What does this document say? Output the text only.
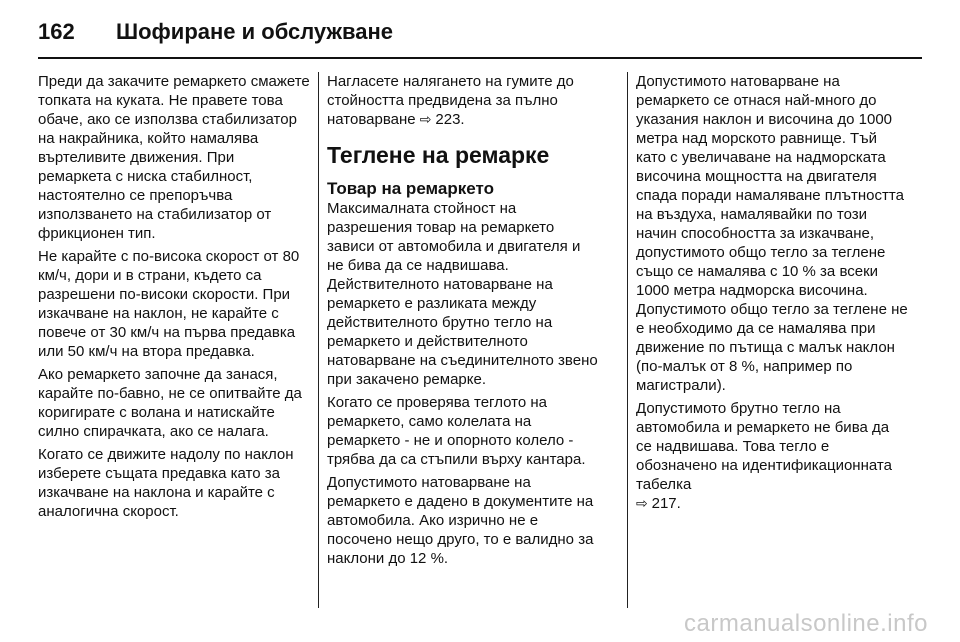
162	Шофиране и обслужване

Преди да закачите ремаркето смажете топката на куката. Не правете това обаче, ако се използва стабилизатор на накрайника, който намалява въртеливите движения. При ремаркета с ниска стабилност, настоятелно се препоръчва използването на стабилизатор от фрикционен тип.

Не карайте с по-висока скорост от 80 км/ч, дори и в страни, където са разрешени по-високи скорости. При изкачване на наклон, не карайте с повече от 30 км/ч на първа предавка или 50 км/ч на втора предавка.

Ако ремаркето започне да занася, карайте по-бавно, не се опитвайте да коригирате с волана и натискайте силно спирачката, ако се налага.

Когато се движите надолу по наклон изберете същата предавка като за изкачване на наклона и карайте с аналогична скорост.

Нагласете налягането на гумите до стойността предвидена за пълно натоварване ⇨ 223.

Теглене на ремарке
Товар на ремаркето

Максималната стойност на разрешения товар на ремаркето зависи от автомобила и двигателя и не бива да се надвишава. Действителното натоварване на ремаркето е разликата между действителното брутно тегло на ремаркето и действителното натоварване на съединителното звено при закачено ремарке.

Когато се проверява теглото на ремаркето, само колелата на ремаркето - не и опорното колело - трябва да са стъпили върху кантара.

Допустимото натоварване на ремаркето е дадено в документите на автомобила. Ако изрично не е посочено нещо друго, то е валидно за наклони до 12 %.

Допустимото натоварване на ремаркето се отнася най-много до указания наклон и височина до 1000 метра над морското равнище. Тъй като с увеличаване на надморската височина мощността на двигателя спада поради намаляване плътността на въздуха, намалявайки по този начин способността за изкачване, допустимото общо тегло за теглене също се намалява с 10 % за всеки 1000 метра надморска височина. Допустимото общо тегло за теглене не е необходимо да се намалява при движение по пътища с малък наклон (по-малък от 8 %, например по магистрали).

Допустимото брутно тегло на автомобила и ремаркето не бива да се надвишава. Това тегло е обозначено на идентификационната табелка
⇨ 217.

carmanualsonline.info
